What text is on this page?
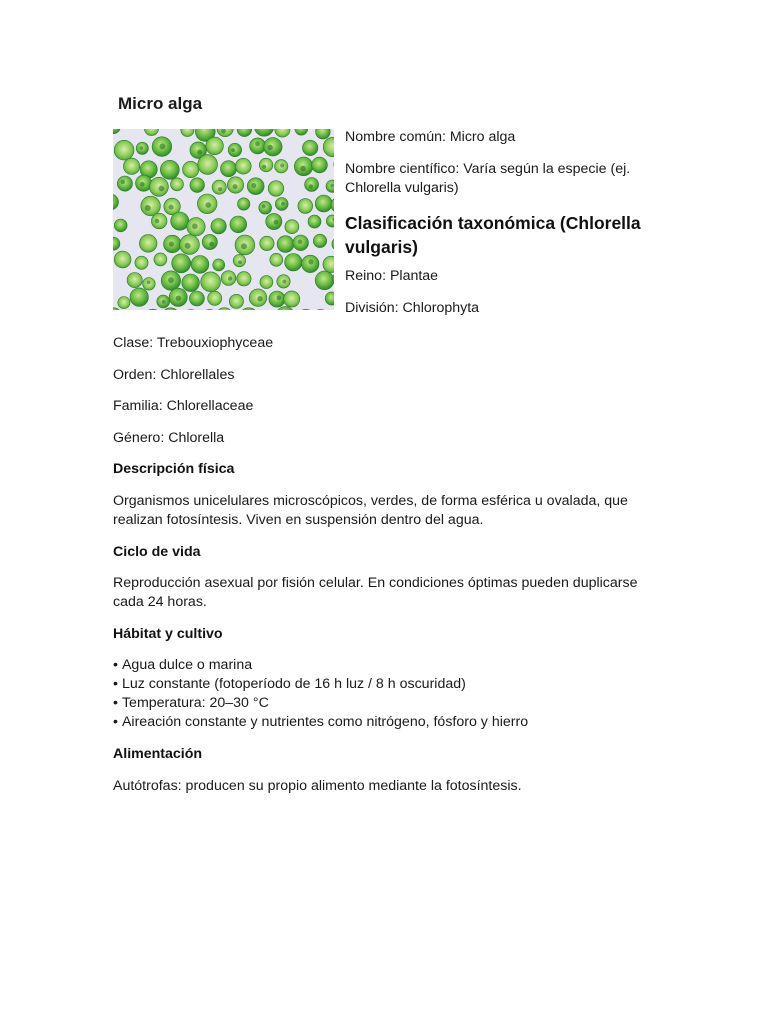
Micro alga

Nombre común: Micro alga

Nombre científico: Varía según la especie (ej. Chlorella vulgaris)

Clasificación taxonómica (Chlorella vulgaris)

Reino: Plantae

División: Chlorophyta

Clase: Trebouxiophyceae

Orden: Chlorellales

Familia: Chlorellaceae

Género: Chlorella

Descripción física

Organismos unicelulares microscópicos, verdes, de forma esférica u ovalada, que realizan fotosíntesis. Viven en suspensión dentro del agua.

Ciclo de vida

Reproducción asexual por fisión celular. En condiciones óptimas pueden duplicarse cada 24 horas.

Hábitat y cultivo
• Agua dulce o marina
• Luz constante (fotoperíodo de 16 h luz / 8 h oscuridad)
• Temperatura: 20–30 °C
• Aireación constante y nutrientes como nitrógeno, fósforo y hierro
Alimentación

Autótrofas: producen su propio alimento mediante la fotosíntesis.
